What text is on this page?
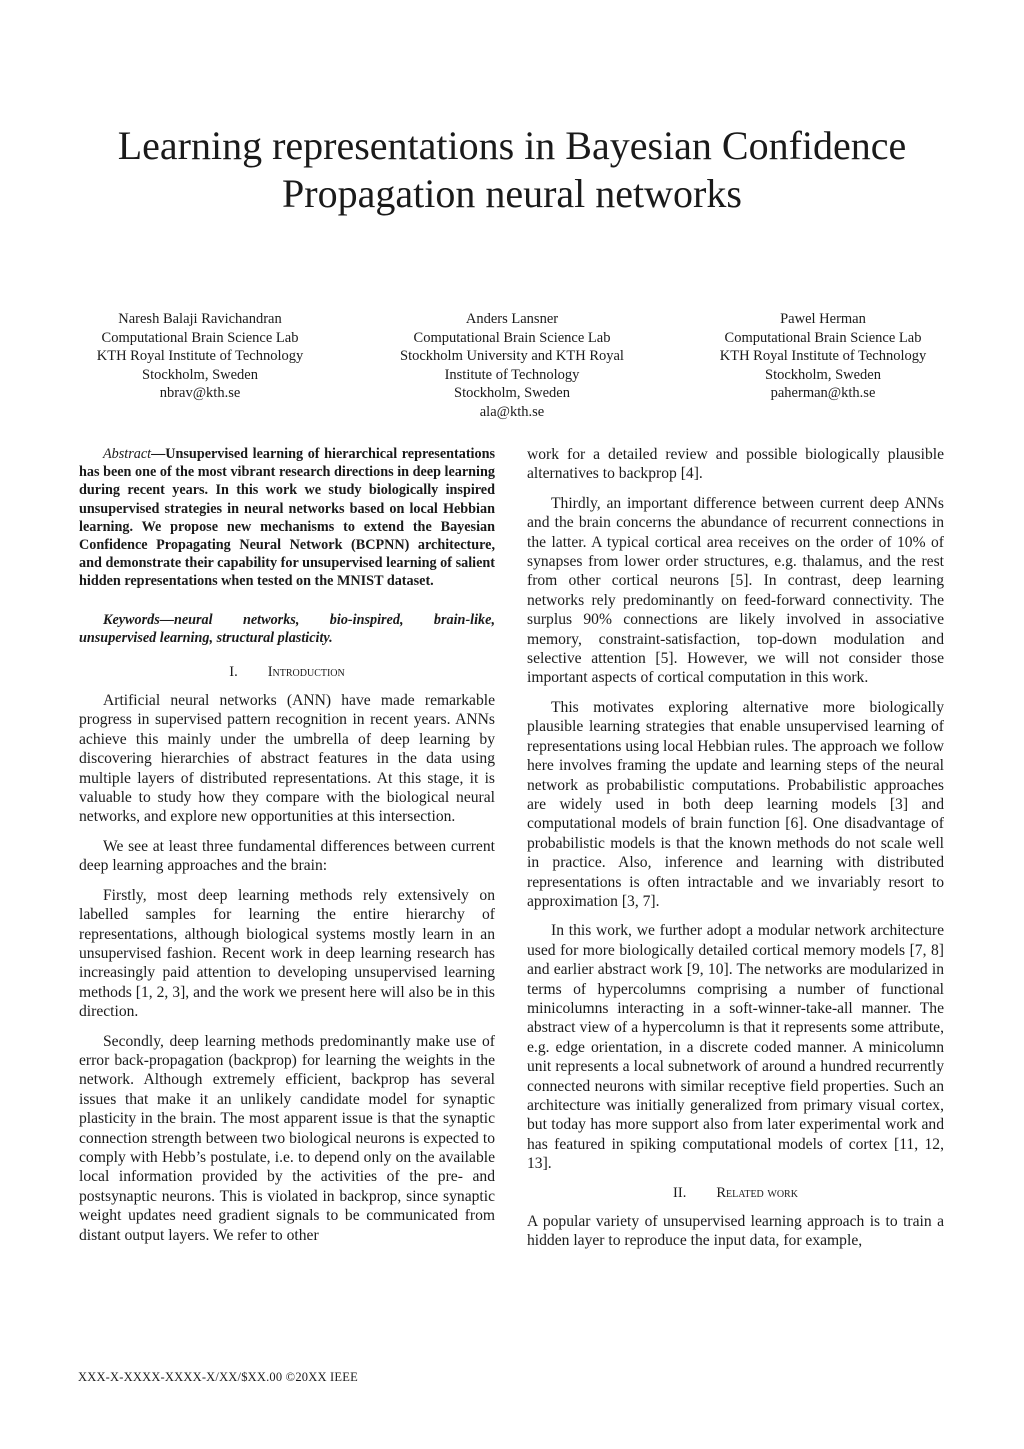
Learning representations in Bayesian Confidence
Propagation neural networks
Naresh Balaji Ravichandran
Computational Brain Science Lab
KTH Royal Institute of Technology
Stockholm, Sweden
nbrav@kth.se
Anders Lansner
Computational Brain Science Lab
Stockholm University and KTH Royal
Institute of Technology
Stockholm, Sweden
ala@kth.se
Pawel Herman
Computational Brain Science Lab
KTH Royal Institute of Technology
Stockholm, Sweden
paherman@kth.se

Abstract—Unsupervised learning of hierarchical representations has been one of the most vibrant research directions in deep learning during recent years. In this work we study biologically inspired unsupervised strategies in neural networks based on local Hebbian learning. We propose new mechanisms to extend the Bayesian Confidence Propagating Neural Network (BCPNN) architecture, and demonstrate their capability for unsupervised learning of salient hidden representations when tested on the MNIST dataset.

Keywords—neural networks, bio-inspired, brain-like, unsupervised learning, structural plasticity.

I. Introduction

Artificial neural networks (ANN) have made remarkable progress in supervised pattern recognition in recent years. ANNs achieve this mainly under the umbrella of deep learning by discovering hierarchies of abstract features in the data using multiple layers of distributed representations. At this stage, it is valuable to study how they compare with the biological neural networks, and explore new opportunities at this intersection.

We see at least three fundamental differences between current deep learning approaches and the brain:

Firstly, most deep learning methods rely extensively on labelled samples for learning the entire hierarchy of representations, although biological systems mostly learn in an unsupervised fashion. Recent work in deep learning research has increasingly paid attention to developing unsupervised learning methods [1, 2, 3], and the work we present here will also be in this direction.

Secondly, deep learning methods predominantly make use of error back-propagation (backprop) for learning the weights in the network. Although extremely efficient, backprop has several issues that make it an unlikely candidate model for synaptic plasticity in the brain. The most apparent issue is that the synaptic connection strength between two biological neurons is expected to comply with Hebb’s postulate, i.e. to depend only on the available local information provided by the activities of the pre- and postsynaptic neurons. This is violated in backprop, since synaptic weight updates need gradient signals to be communicated from distant output layers. We refer to other

work for a detailed review and possible biologically plausible alternatives to backprop [4].

Thirdly, an important difference between current deep ANNs and the brain concerns the abundance of recurrent connections in the latter. A typical cortical area receives on the order of 10% of synapses from lower order structures, e.g. thalamus, and the rest from other cortical neurons [5]. In contrast, deep learning networks rely predominantly on feed-forward connectivity. The surplus 90% connections are likely involved in associative memory, constraint-satisfaction, top-down modulation and selective attention [5]. However, we will not consider those important aspects of cortical computation in this work.

This motivates exploring alternative more biologically plausible learning strategies that enable unsupervised learning of representations using local Hebbian rules. The approach we follow here involves framing the update and learning steps of the neural network as probabilistic computations. Probabilistic approaches are widely used in both deep learning models [3] and computational models of brain function [6]. One disadvantage of probabilistic models is that the known methods do not scale well in practice. Also, inference and learning with distributed representations is often intractable and we invariably resort to approximation [3, 7].

In this work, we further adopt a modular network architecture used for more biologically detailed cortical memory models [7, 8] and earlier abstract work [9, 10]. The networks are modularized in terms of hypercolumns comprising a number of functional minicolumns interacting in a soft-winner-take-all manner. The abstract view of a hypercolumn is that it represents some attribute, e.g. edge orientation, in a discrete coded manner. A minicolumn unit represents a local subnetwork of around a hundred recurrently connected neurons with similar receptive field properties. Such an architecture was initially generalized from primary visual cortex, but today has more support also from later experimental work and has featured in spiking computational models of cortex [11, 12, 13].

II. Related work

A popular variety of unsupervised learning approach is to train a hidden layer to reproduce the input data, for example,

XXX-X-XXXX-XXXX-X/XX/$XX.00 ©20XX IEEE
